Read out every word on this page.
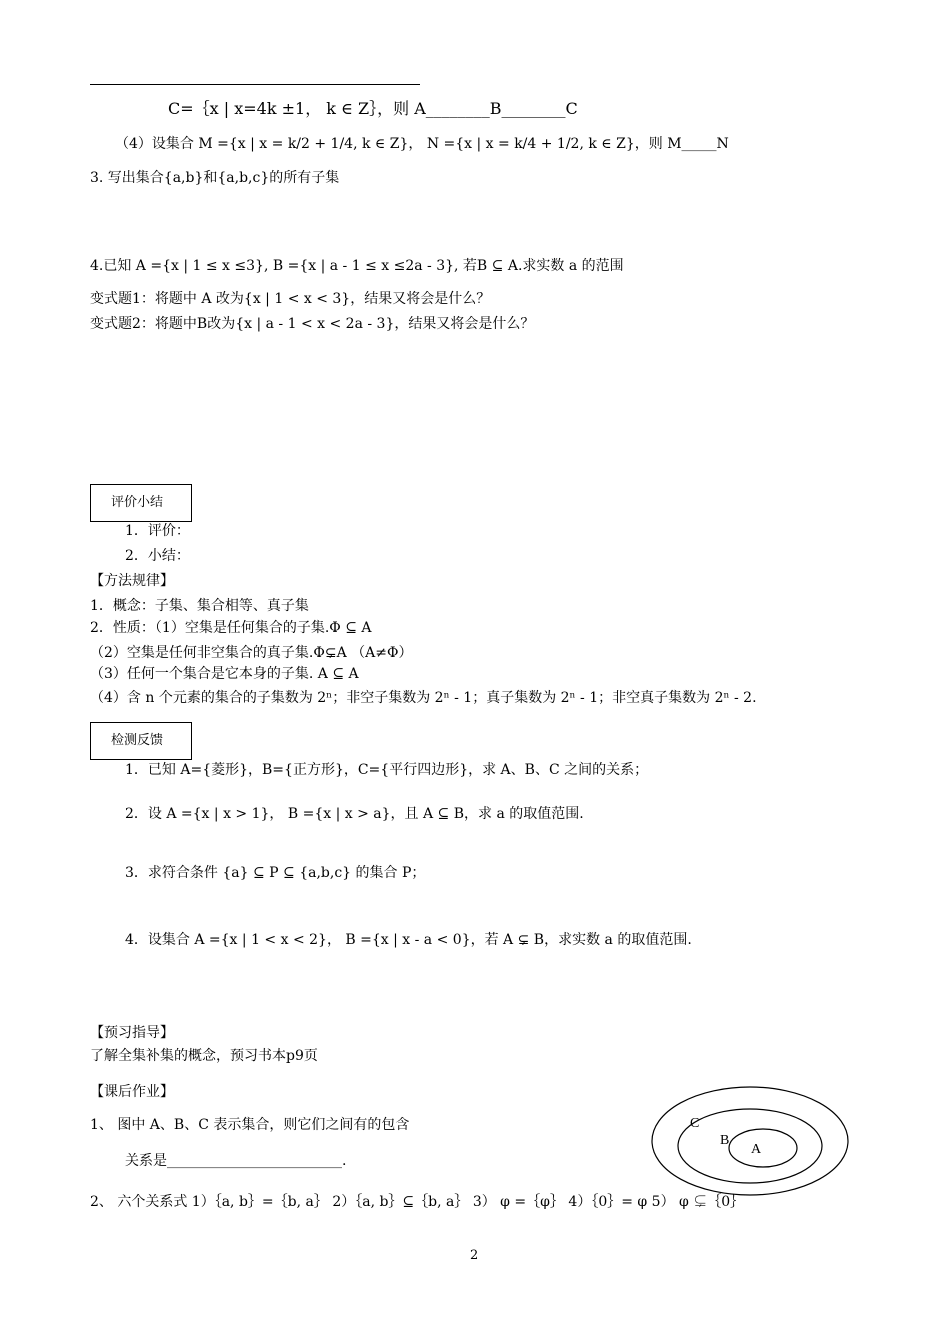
C=｛x | x=4k ±1， k ∈ Z｝，则 A________B________C
（4）设集合 M ={x | x = k/2 + 1/4, k ∈ Z}， N ={x | x = k/4 + 1/2, k ∈ Z}，则 M_____N
3. 写出集合{a,b}和{a,b,c}的所有子集
4.已知 A ={x | 1 ≤ x ≤3}, B ={x | a - 1 ≤ x ≤2a - 3}, 若B ⊆ A.求实数 a 的范围
变式题1：将题中 A 改为{x | 1 < x < 3}，结果又将会是什么？
变式题2：将题中B改为{x | a - 1 < x < 2a - 3}，结果又将会是什么？
评价小结
1．评价：
2．小结：
【方法规律】
1．概念：子集、集合相等、真子集
2．性质：（1）空集是任何集合的子集.Φ ⊆ A
（2）空集是任何非空集合的真子集.Φ⊊A （A≠Φ）
（3）任何一个集合是它本身的子集. A ⊆ A
（4）含 n 个元素的集合的子集数为 2ⁿ；非空子集数为 2ⁿ - 1；真子集数为 2ⁿ - 1；非空真子集数为 2ⁿ - 2.
检测反馈
1．已知 A={菱形}，B={正方形}，C={平行四边形}，求 A、B、C 之间的关系；
2．设 A ={x | x > 1}， B ={x | x > a}，且 A ⊆ B，求 a 的取值范围.
3．求符合条件 {a} ⊆ P ⊆ {a,b,c} 的集合 P；
4．设集合 A ={x | 1 < x < 2}， B ={x | x - a < 0}，若 A ⊊ B，求实数 a 的取值范围.
【预习指导】
了解全集补集的概念，预习书本p9页
【课后作业】
1、 图中 A、B、C 表示集合，则它们之间有的包含
关系是_________________________.
2、 六个关系式 1）｛a, b｝=｛b, a｝ 2）｛a, b｝⊆｛b, a｝ 3） φ =｛φ｝ 4）｛0｝= φ 5） φ ⊊｛0｝
C
B
A
2
